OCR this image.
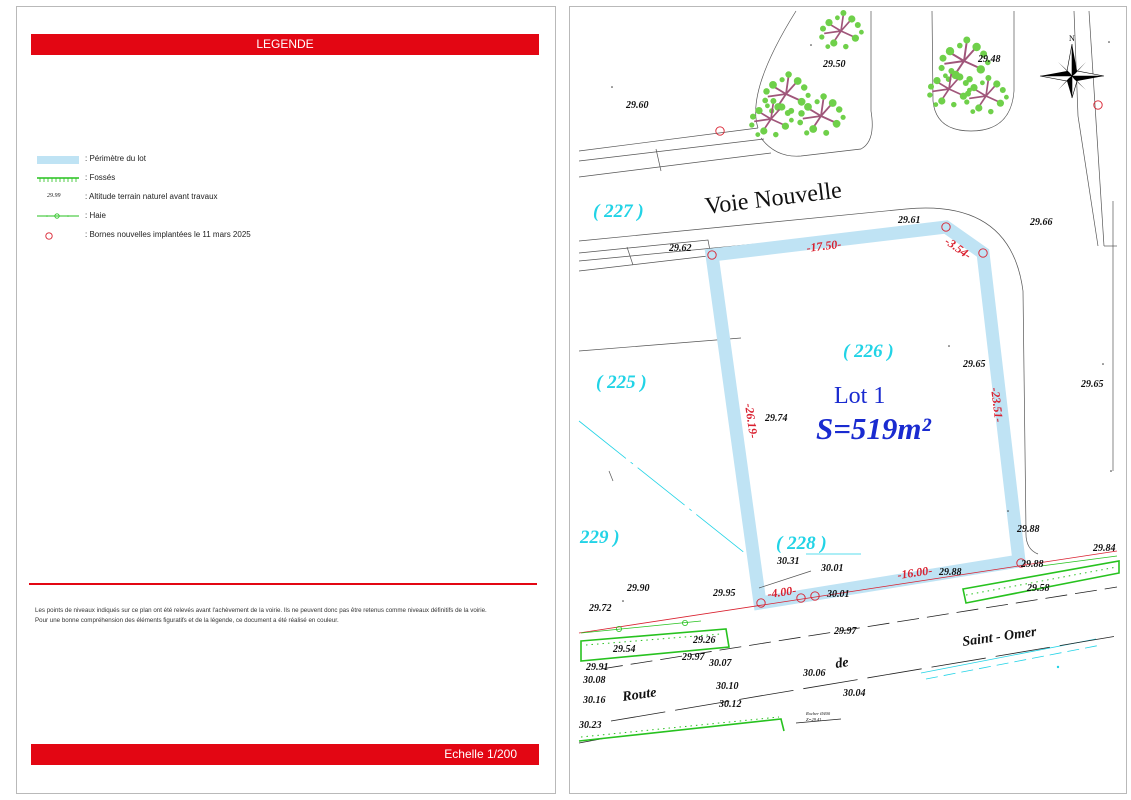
LEGENDE
: Périmètre du lot
: Fossés
29.99	: Altitude terrain naturel avant travaux
: Haie
: Bornes nouvelles implantées le 11 mars 2025
Les points de niveaux indiqués sur ce plan ont été relevés avant l'achèvement de la voirie. Ils ne peuvent donc pas être retenus comme niveaux définitifs de la voirie.
Pour une bonne compréhension des éléments figuratifs et de la légende, ce document a été réalisé en couleur.
Echelle 1/200
N
Voie Nouvelle
Route
de
Saint - Omer
( 227 )
( 226 )
( 225 )
229 )	( 228 )
Lot 1
S=519m²
-17.50-	-3.54-
-23.51-
-26.19-
-16.00-
-4.00-
29.50	29.48
29.60
29.61	29.66
29.62
29.65
29.65
29.74
29.88
29.88
29.88
29.84
29.58
30.31
30.01
30.01
29.90	29.95
29.72
29.54
29.26
29.97
29.97
29.91
30.08
30.07
30.16
30.10
30.06
30.04
30.12
30.23
Rocher Ø400
Z=29.41
